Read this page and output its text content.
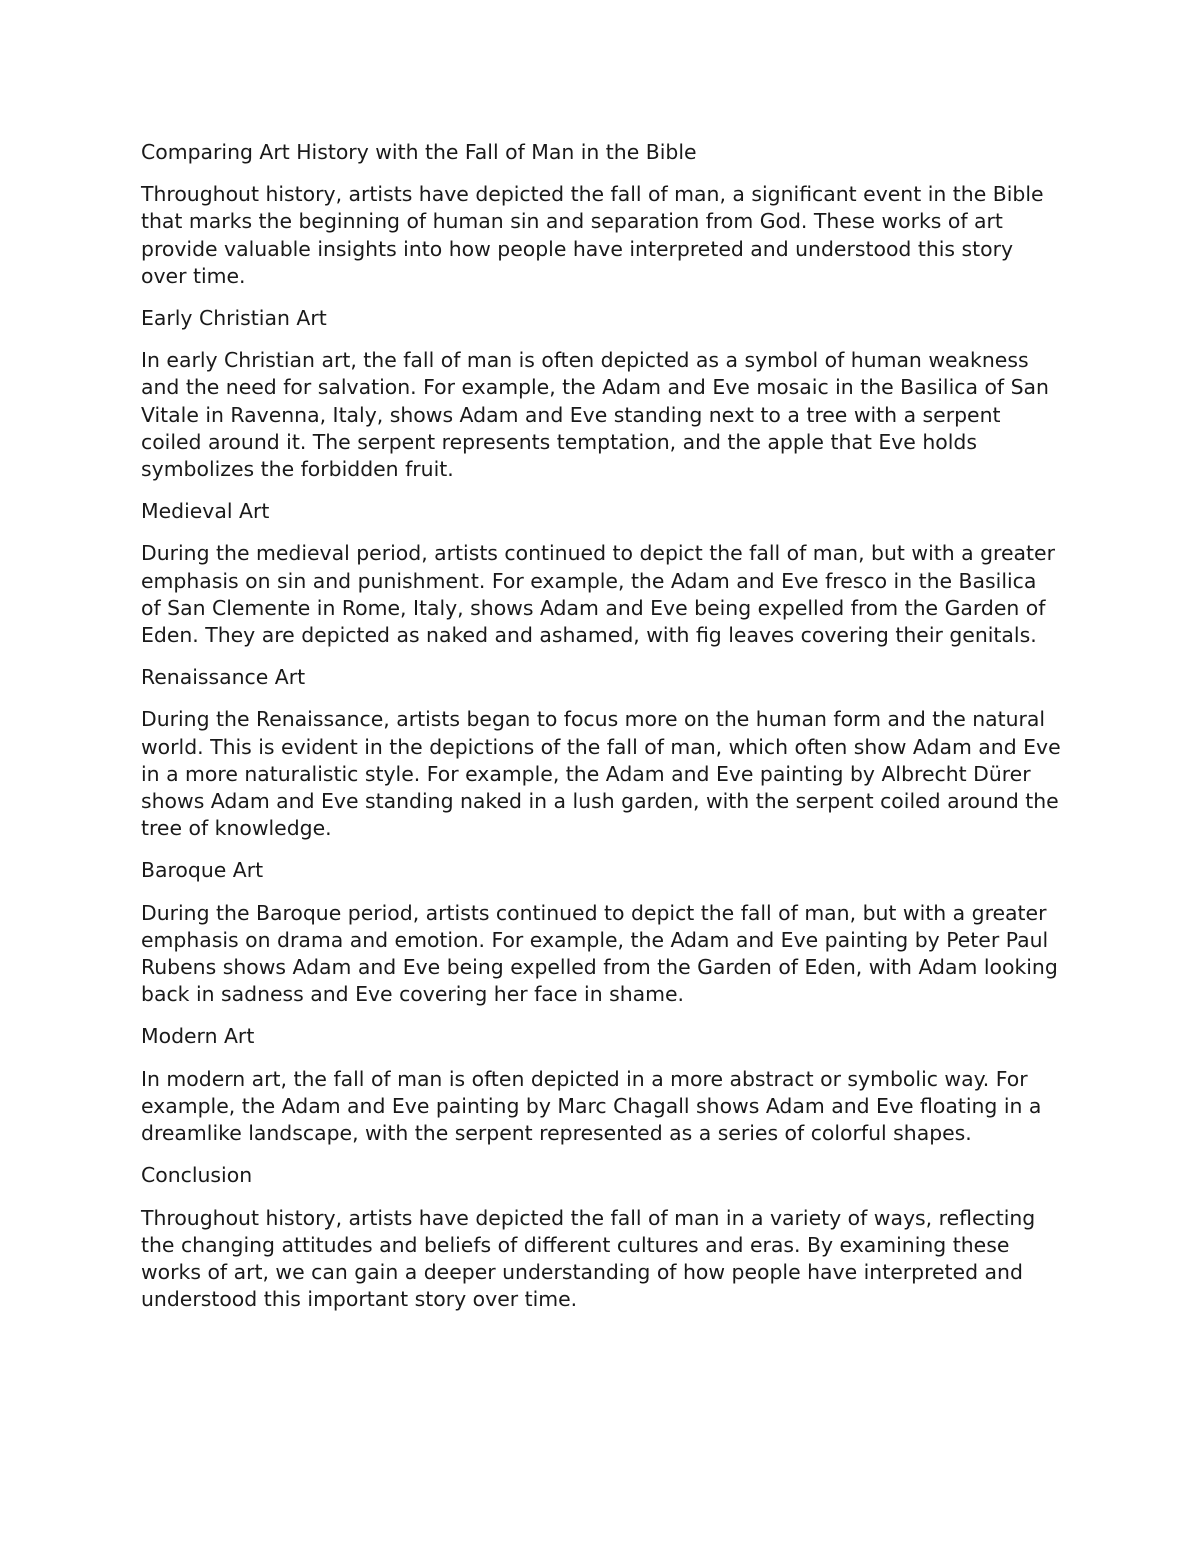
Comparing Art History with the Fall of Man in the Bible

Throughout history, artists have depicted the fall of man, a significant event in the Bible that marks the beginning of human sin and separation from God. These works of art provide valuable insights into how people have interpreted and understood this story over time.

Early Christian Art

In early Christian art, the fall of man is often depicted as a symbol of human weakness and the need for salvation. For example, the Adam and Eve mosaic in the Basilica of San Vitale in Ravenna, Italy, shows Adam and Eve standing next to a tree with a serpent coiled around it. The serpent represents temptation, and the apple that Eve holds symbolizes the forbidden fruit.

Medieval Art

During the medieval period, artists continued to depict the fall of man, but with a greater emphasis on sin and punishment. For example, the Adam and Eve fresco in the Basilica of San Clemente in Rome, Italy, shows Adam and Eve being expelled from the Garden of Eden. They are depicted as naked and ashamed, with fig leaves covering their genitals.

Renaissance Art

During the Renaissance, artists began to focus more on the human form and the natural world. This is evident in the depictions of the fall of man, which often show Adam and Eve in a more naturalistic style. For example, the Adam and Eve painting by Albrecht Dürer shows Adam and Eve standing naked in a lush garden, with the serpent coiled around the tree of knowledge.

Baroque Art

During the Baroque period, artists continued to depict the fall of man, but with a greater emphasis on drama and emotion. For example, the Adam and Eve painting by Peter Paul Rubens shows Adam and Eve being expelled from the Garden of Eden, with Adam looking back in sadness and Eve covering her face in shame.

Modern Art

In modern art, the fall of man is often depicted in a more abstract or symbolic way. For example, the Adam and Eve painting by Marc Chagall shows Adam and Eve floating in a dreamlike landscape, with the serpent represented as a series of colorful shapes.

Conclusion

Throughout history, artists have depicted the fall of man in a variety of ways, reflecting the changing attitudes and beliefs of different cultures and eras. By examining these works of art, we can gain a deeper understanding of how people have interpreted and understood this important story over time.
